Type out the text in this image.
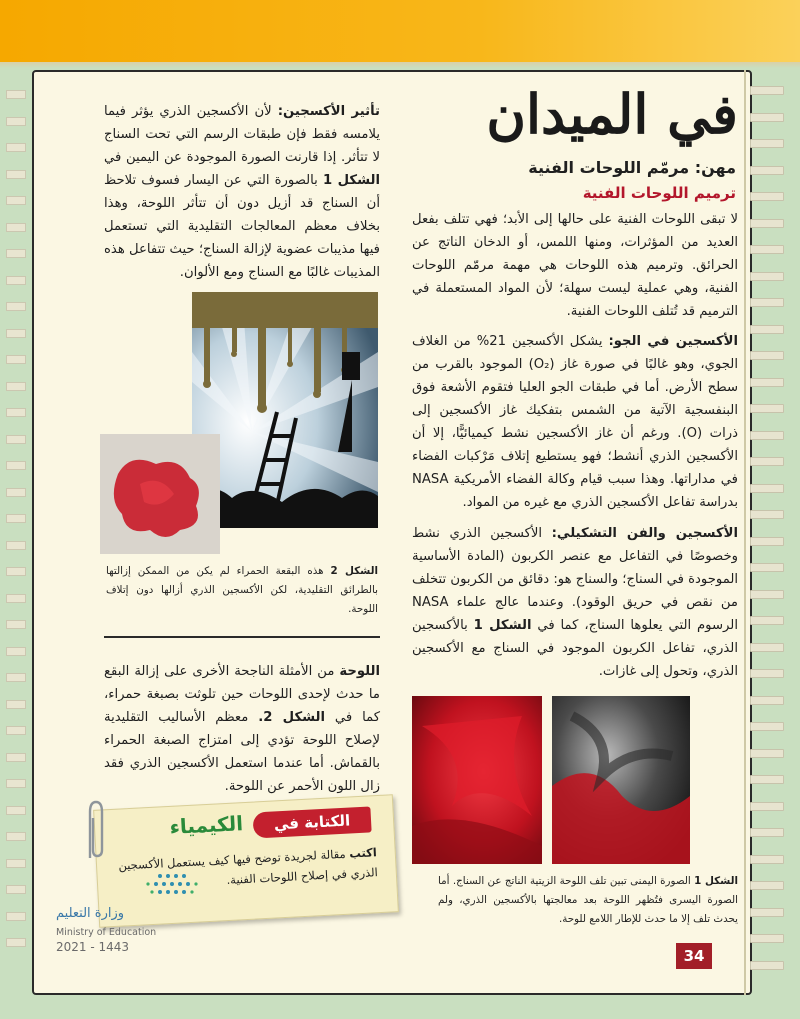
في الميدان
مهن: مرمّم اللوحات الفنية
ترميم اللوحات الفنية
لا تبقى اللوحات الفنية على حالها إلى الأبد؛ فهي تتلف بفعل العديد من المؤثرات، ومنها اللمس، أو الدخان الناتج عن الحرائق. وترميم هذه اللوحات هي مهمة مرمّم اللوحات الفنية، وهي عملية ليست سهلة؛ لأن المواد المستعملة في الترميم قد تُتلف اللوحات الفنية.
الأكسجين في الجو: يشكل الأكسجين 21% من الغلاف الجوي، وهو غالبًا في صورة غاز (O₂) الموجود بالقرب من سطح الأرض. أما في طبقات الجو العليا فتقوم الأشعة فوق البنفسجية الآتية من الشمس بتفكيك غاز الأكسجين إلى ذرات (O). ورغم أن غاز الأكسجين نشط كيميائيًّا، إلا أن الأكسجين الذري أنشط؛ فهو يستطيع إتلاف مَرْكبات الفضاء في مداراتها. وهذا سبب قيام وكالة الفضاء الأمريكية NASA بدراسة تفاعل الأكسجين الذري مع غيره من المواد.
الأكسجين والفن التشكيلي: الأكسجين الذري نشط وخصوصًا في التفاعل مع عنصر الكربون (المادة الأساسية الموجودة في السناج؛ والسناج هو: دقائق من الكربون تتخلف من نقص في حريق الوقود). وعندما عالج علماء NASA الرسوم التي يعلوها السناج، كما في الشكل 1 بالأكسجين الذري، تفاعل الكربون الموجود في السناج مع الأكسجين الذري، وتحول إلى غازات.
الشكل 1 الصورة اليمنى تبين تلف اللوحة الزيتية الناتج عن السناج. أما الصورة اليسرى فتُظهر اللوحة بعد معالجتها بالأكسجين الذري، ولم يحدث تلف إلا ما حدث للإطار اللامع للوحة.
تأثير الأكسجين: لأن الأكسجين الذري يؤثر فيما يلامسه فقط فإن طبقات الرسم التي تحت السناج لا تتأثر. إذا قارنت الصورة الموجودة عن اليمين في الشكل 1 بالصورة التي عن اليسار فسوف تلاحظ أن السناج قد أزيل دون أن تتأثر اللوحة، وهذا بخلاف معظم المعالجات التقليدية التي تستعمل فيها مذيبات عضوية لإزالة السناج؛ حيث تتفاعل هذه المذيبات غالبًا مع السناج ومع الألوان.
الشكل 2 هذه البقعة الحمراء لم يكن من الممكن إزالتها بالطرائق التقليدية، لكن الأكسجين الذري أزالها دون إتلاف اللوحة.
اللوحة من الأمثلة الناجحة الأخرى على إزالة البقع ما حدث لإحدى اللوحات حين تلوثت بصبغة حمراء، كما في الشكل 2. معظم الأساليب التقليدية لإصلاح اللوحة تؤدي إلى امتزاج الصبغة الحمراء بالقماش. أما عندما استعمل الأكسجين الذري فقد زال اللون الأحمر عن اللوحة.
الكتابة في
الكيمياء
اكتب مقالة لجريدة توضح فيها كيف يستعمل الأكسجين الذري في إصلاح اللوحات الفنية.
وزارة التعليم
Ministry of Education
2021 - 1443	34
